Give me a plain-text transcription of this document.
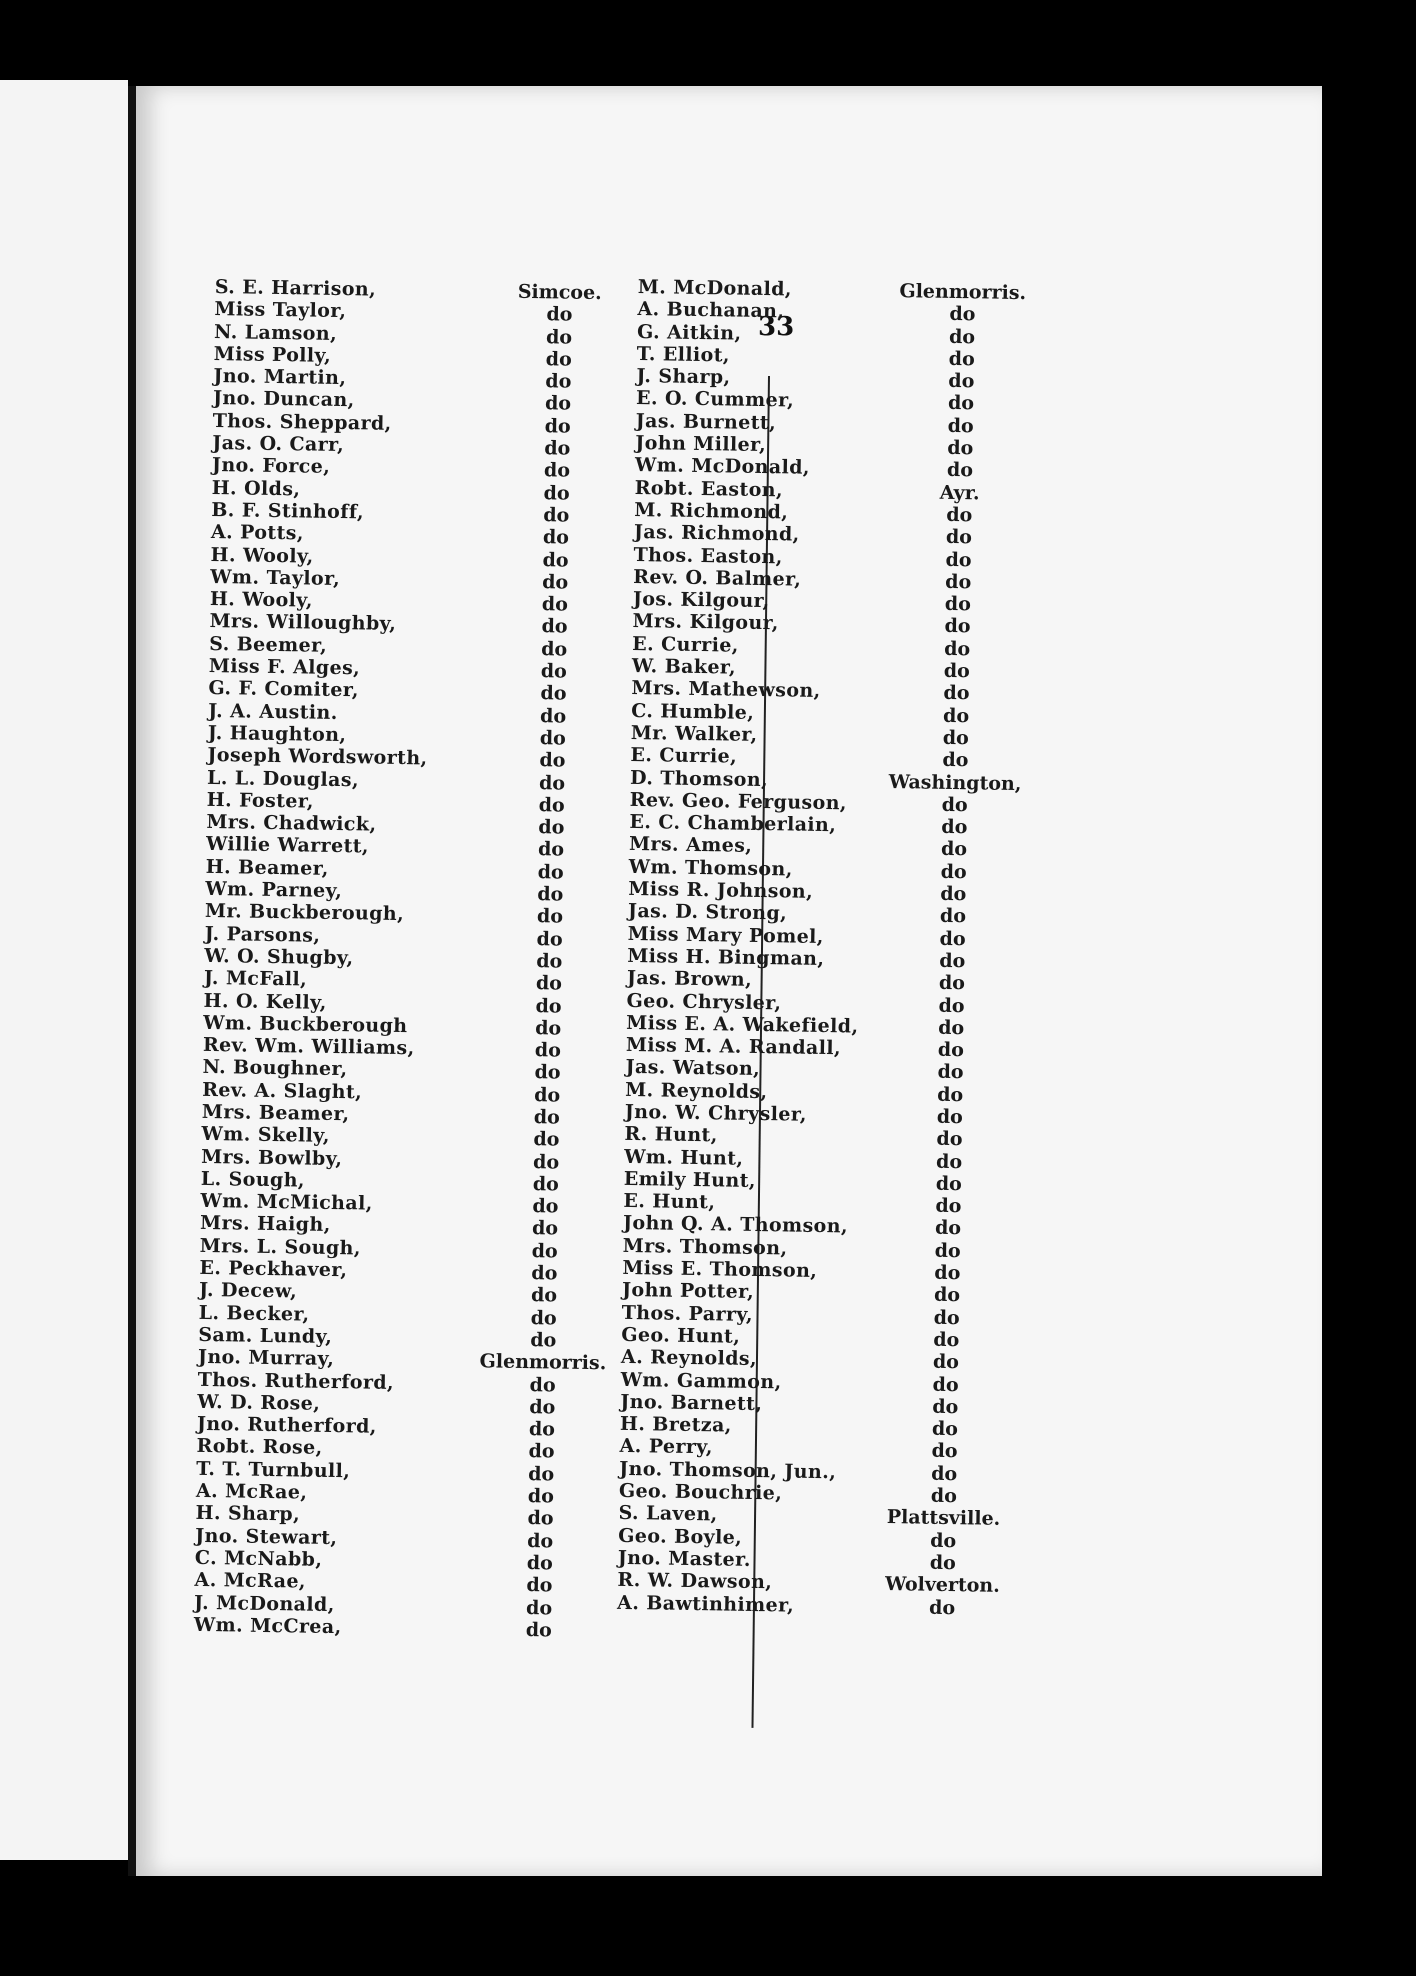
33
S. E. Harrison,	Simcoe.
Miss Taylor,	do
N. Lamson,	do
Miss Polly,	do
Jno. Martin,	do
Jno. Duncan,	do
Thos. Sheppard,	do
Jas. O. Carr,	do
Jno. Force,	do
H. Olds,	do
B. F. Stinhoff,	do
A. Potts,	do
H. Wooly,	do
Wm. Taylor,	do
H. Wooly,	do
Mrs. Willoughby,	do
S. Beemer,	do
Miss F. Alges,	do
G. F. Comiter,	do
J. A. Austin.	do
J. Haughton,	do
Joseph Wordsworth,	do
L. L. Douglas,	do
H. Foster,	do
Mrs. Chadwick,	do
Willie Warrett,	do
H. Beamer,	do
Wm. Parney,	do
Mr. Buckberough,	do
J. Parsons,	do
W. O. Shugby,	do
J. McFall,	do
H. O. Kelly,	do
Wm. Buckberough	do
Rev. Wm. Williams,	do
N. Boughner,	do
Rev. A. Slaght,	do
Mrs. Beamer,	do
Wm. Skelly,	do
Mrs. Bowlby,	do
L. Sough,	do
Wm. McMichal,	do
Mrs. Haigh,	do
Mrs. L. Sough,	do
E. Peckhaver,	do
J. Decew,	do
L. Becker,	do
Sam. Lundy,	do
Jno. Murray,	Glenmorris.
Thos. Rutherford,	do
W. D. Rose,	do
Jno. Rutherford,	do
Robt. Rose,	do
T. T. Turnbull,	do
A. McRae,	do
H. Sharp,	do
Jno. Stewart,	do
C. McNabb,	do
A. McRae,	do
J. McDonald,	do
Wm. McCrea,	do
M. McDonald,	Glenmorris.
A. Buchanan,	do
G. Aitkin,	do
T. Elliot,	do
J. Sharp,	do
E. O. Cummer,	do
Jas. Burnett,	do
John Miller,	do
Wm. McDonald,	do
Robt. Easton,	Ayr.
M. Richmond,	do
Jas. Richmond,	do
Thos. Easton,	do
Rev. O. Balmer,	do
Jos. Kilgour,	do
Mrs. Kilgour,	do
E. Currie,	do
W. Baker,	do
Mrs. Mathewson,	do
C. Humble,	do
Mr. Walker,	do
E. Currie,	do
D. Thomson,	Washington,
Rev. Geo. Ferguson,	do
E. C. Chamberlain,	do
Mrs. Ames,	do
Wm. Thomson,	do
Miss R. Johnson,	do
Jas. D. Strong,	do
Miss Mary Pomel,	do
Miss H. Bingman,	do
Jas. Brown,	do
Geo. Chrysler,	do
Miss E. A. Wakefield,	do
Miss M. A. Randall,	do
Jas. Watson,	do
M. Reynolds,	do
Jno. W. Chrysler,	do
R. Hunt,	do
Wm. Hunt,	do
Emily Hunt,	do
E. Hunt,	do
John Q. A. Thomson,	do
Mrs. Thomson,	do
Miss E. Thomson,	do
John Potter,	do
Thos. Parry,	do
Geo. Hunt,	do
A. Reynolds,	do
Wm. Gammon,	do
Jno. Barnett,	do
H. Bretza,	do
A. Perry,	do
Jno. Thomson, Jun.,	do
Geo. Bouchrie,	do
S. Laven,	Plattsville.
Geo. Boyle,	do
Jno. Master.	do
R. W. Dawson,	Wolverton.
A. Bawtinhimer,	do
